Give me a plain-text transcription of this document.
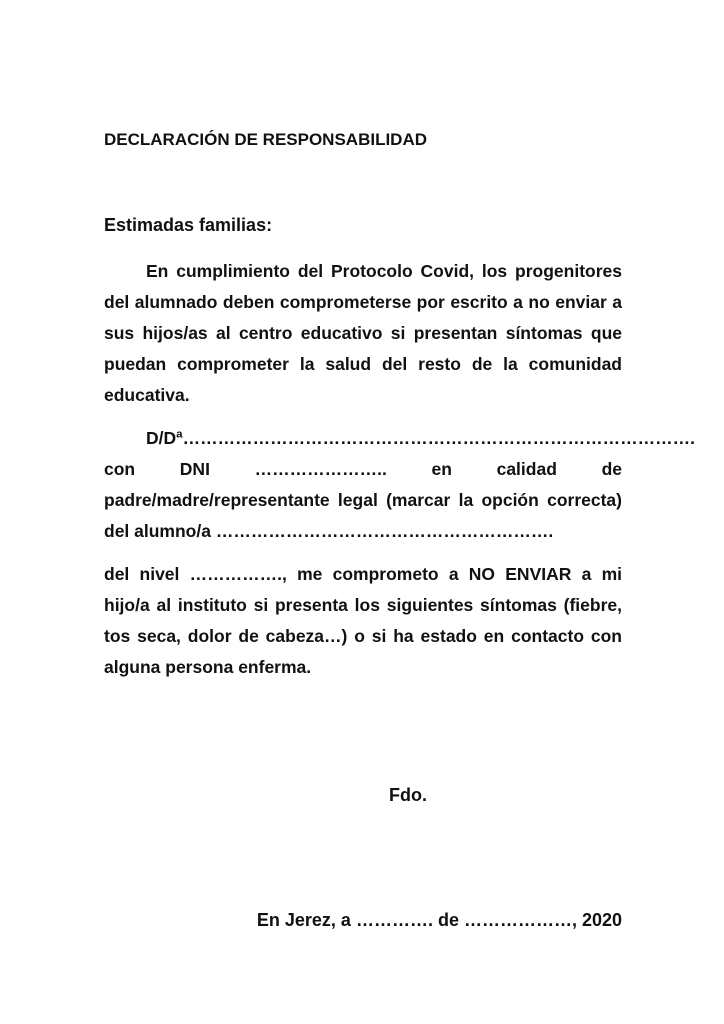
DECLARACIÓN DE RESPONSABILIDAD
Estimadas familias:

En cumplimiento del Protocolo Covid, los progenitores del alumnado deben comprometerse por escrito a no enviar a sus hijos/as al centro educativo si presentan síntomas que puedan comprometer la salud del resto de la comunidad educativa.

D/Dª……………………………………………………………………………. con DNI ………………….. en calidad de padre/madre/representante legal (marcar la opción correcta) del alumno/a ………………………………………………….

del nivel ……………., me comprometo a NO ENVIAR a mi hijo/a al instituto si presenta los siguientes síntomas (fiebre, tos seca, dolor de cabeza…) o si ha estado en contacto con alguna persona enferma.

Fdo.
En Jerez, a …………. de ………………, 2020
